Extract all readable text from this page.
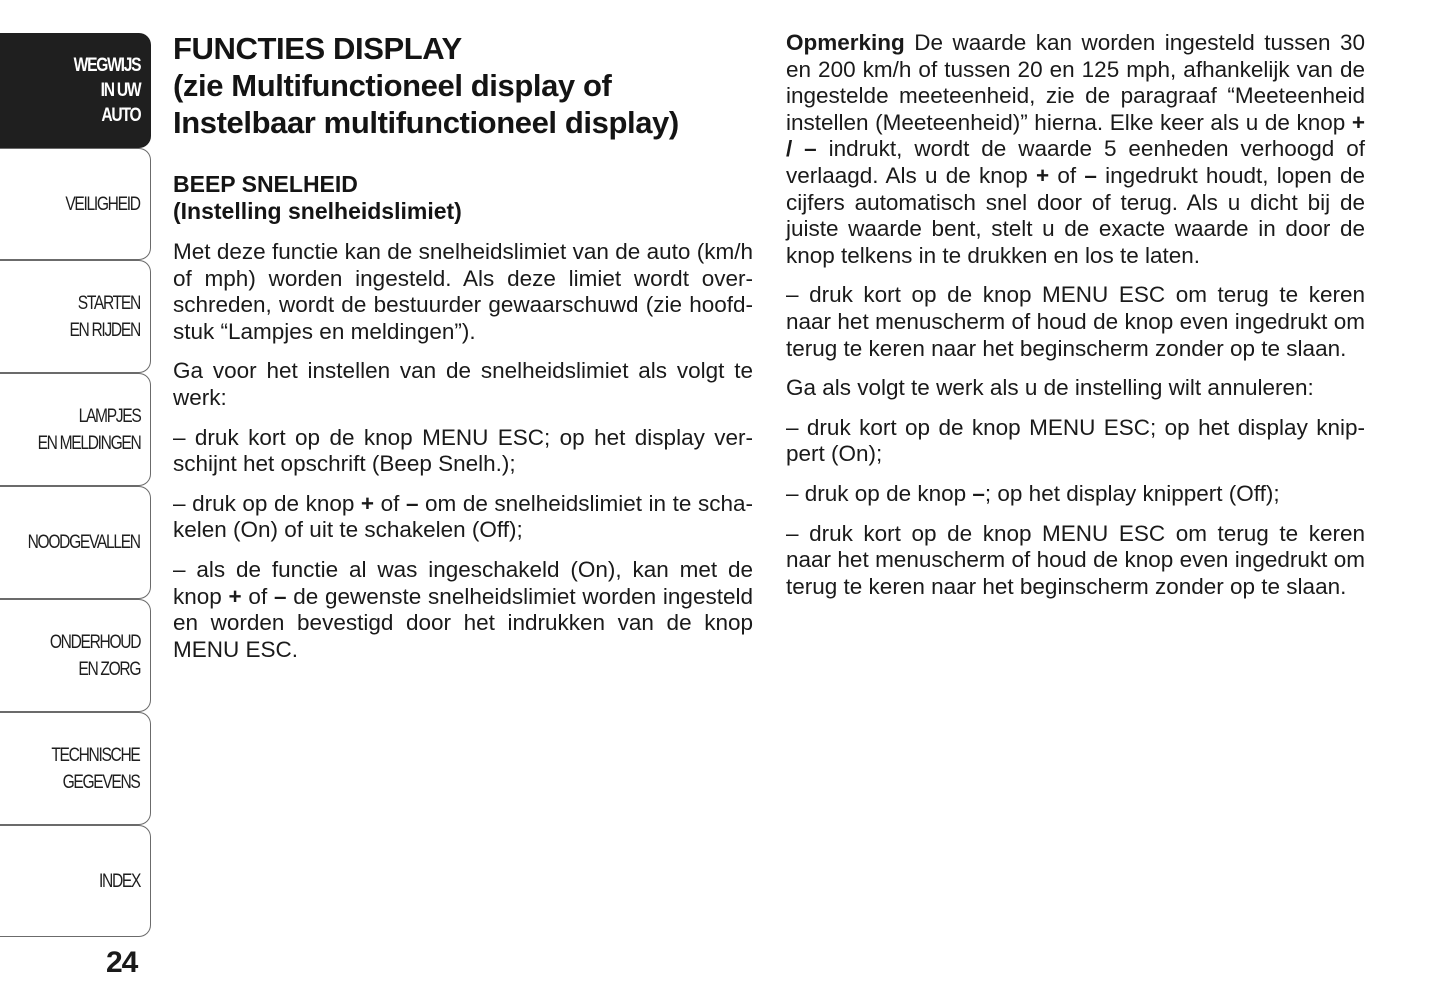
WEGWIJS
IN UW
AUTO
VEILIGHEID
STARTEN
EN RIJDEN
LAMPJES
EN MELDINGEN
NOODGEVALLEN
ONDERHOUD
EN ZORG
TECHNISCHE
GEGEVENS
INDEX
24
FUNCTIES DISPLAY
(zie Multifunctioneel display of
Instelbaar multifunctioneel display)
BEEP SNELHEID
(Instelling snelheidslimiet)

Met deze functie kan de snelheidslimiet van de auto (km/h of mph) worden ingesteld. Als deze limiet wordt overschreden, wordt de bestuurder gewaarschuwd (zie hoofdstuk “Lampjes en meldingen”).

Ga voor het instellen van de snelheidslimiet als volgt te werk:

– druk kort op de knop MENU ESC; op het display verschijnt het opschrift (Beep Snelh.);

– druk op de knop + of – om de snelheidslimiet in te schakelen (On) of uit te schakelen (Off);

– als de functie al was ingeschakeld (On), kan met de knop + of – de gewenste snelheidslimiet worden ingesteld en worden bevestigd door het indrukken van de knop MENU ESC.

Opmerking De waarde kan worden ingesteld tussen 30 en 200 km/h of tussen 20 en 125 mph, afhankelijk van de ingestelde meeteenheid, zie de paragraaf “Meeteenheid instellen (Meeteenheid)” hierna. Elke keer als u de knop + / – indrukt, wordt de waarde 5 eenheden verhoogd of verlaagd. Als u de knop + of – ingedrukt houdt, lopen de cijfers automatisch snel door of terug. Als u dicht bij de juiste waarde bent, stelt u de exacte waarde in door de knop telkens in te drukken en los te laten.

– druk kort op de knop MENU ESC om terug te keren naar het menuscherm of houd de knop even ingedrukt om terug te keren naar het beginscherm zonder op te slaan.

Ga als volgt te werk als u de instelling wilt annuleren:

– druk kort op de knop MENU ESC; op het display knippert (On);

– druk op de knop –; op het display knippert (Off);

– druk kort op de knop MENU ESC om terug te keren naar het menuscherm of houd de knop even ingedrukt om terug te keren naar het beginscherm zonder op te slaan.
